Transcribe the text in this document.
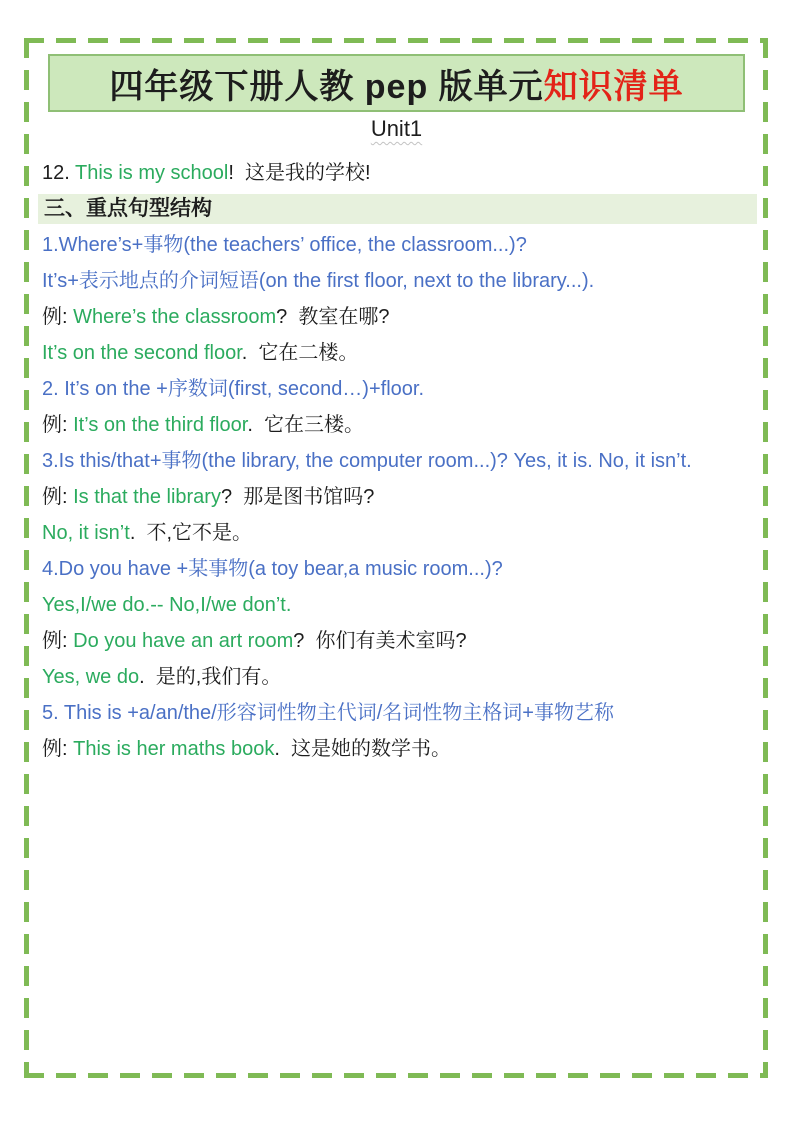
四年级下册人教 pep 版单元 知识清单
Unit1
12. This is my school!  这是我的学校!
三、重点句型结构
1.Where’s+事物(the teachers’ office, the classroom...)?
It’s+表示地点的介词短语(on the first floor, next to the library...).
例: Where’s the classroom?  教室在哪?
It’s on the second floor.  它在二楼。
2. It’s on the +序数词(first, second…)+floor.
例: It’s on the third floor.  它在三楼。
3.Is this/that+事物(the library, the computer room...)? Yes, it is. No, it isn’t.
例: Is that the library?  那是图书馆吗?
No, it isn’t.  不,它不是。
4.Do you have +某事物(a toy bear,a music room...)?
Yes,I/we do.-- No,I/we don’t.
例: Do you have an art room?  你们有美术室吗?
Yes, we do.  是的,我们有。
5. This is +a/an/the/形容词性物主代词/名词性物主格词+事物艺称
例: This is her maths book.  这是她的数学书。
